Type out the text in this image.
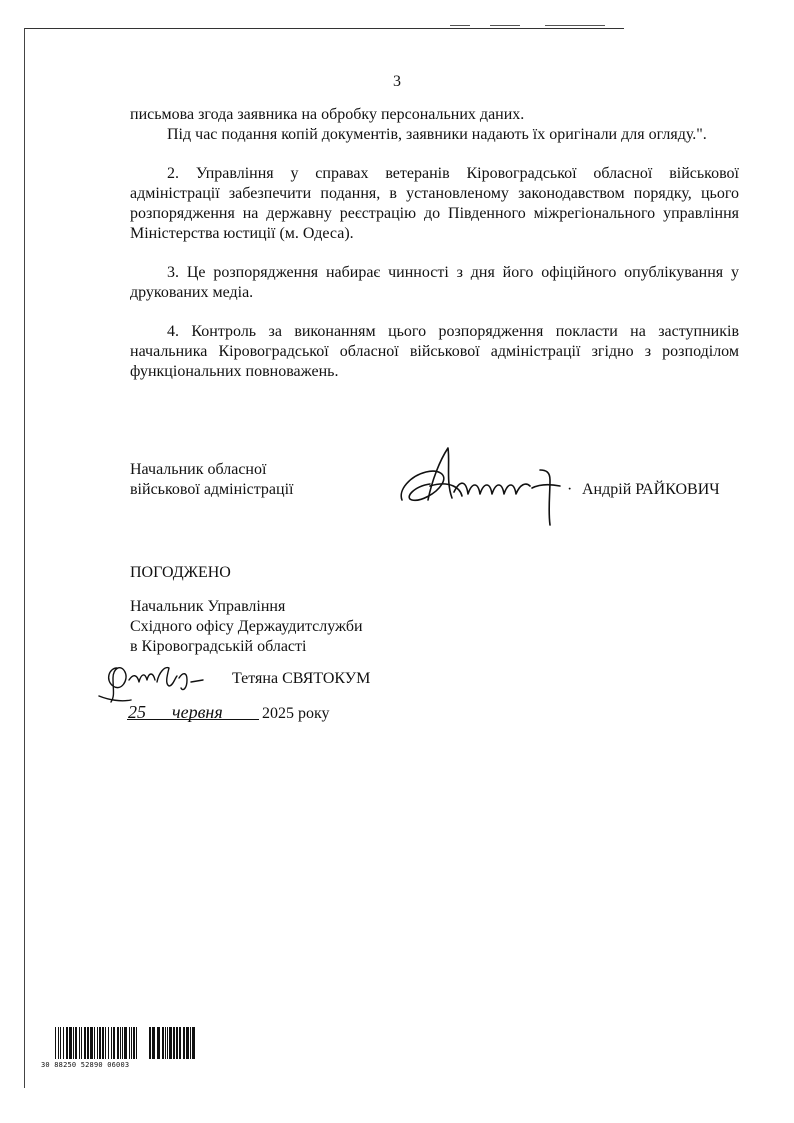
3

письмова згода заявника на обробку персональних даних.

Під час подання копій документів, заявники надають їх оригінали для огляду.".

2. Управління у справах ветеранів Кіровоградської обласної військової адміністрації забезпечити подання, в установленому законодавством порядку, цього розпорядження на державну реєстрацію до Південного міжрегіонального управління Міністерства юстиції (м. Одеса).

3. Це розпорядження набирає чинності з дня його офіційного опублікування у друкованих медіа.

4. Контроль за виконанням цього розпорядження покласти на заступників начальника Кіровоградської обласної військової адміністрації згідно з розподілом функціональних повноважень.

Начальник обласної
військової адміністрації	Андрій РАЙКОВИЧ
·
ПОГОДЖЕНО
Начальник Управління
Східного офісу Держаудитслужби
в Кіровоградській області
Тетяна СВЯТОКУМ
25 червня 2025 року
30 88250 52890 06003
